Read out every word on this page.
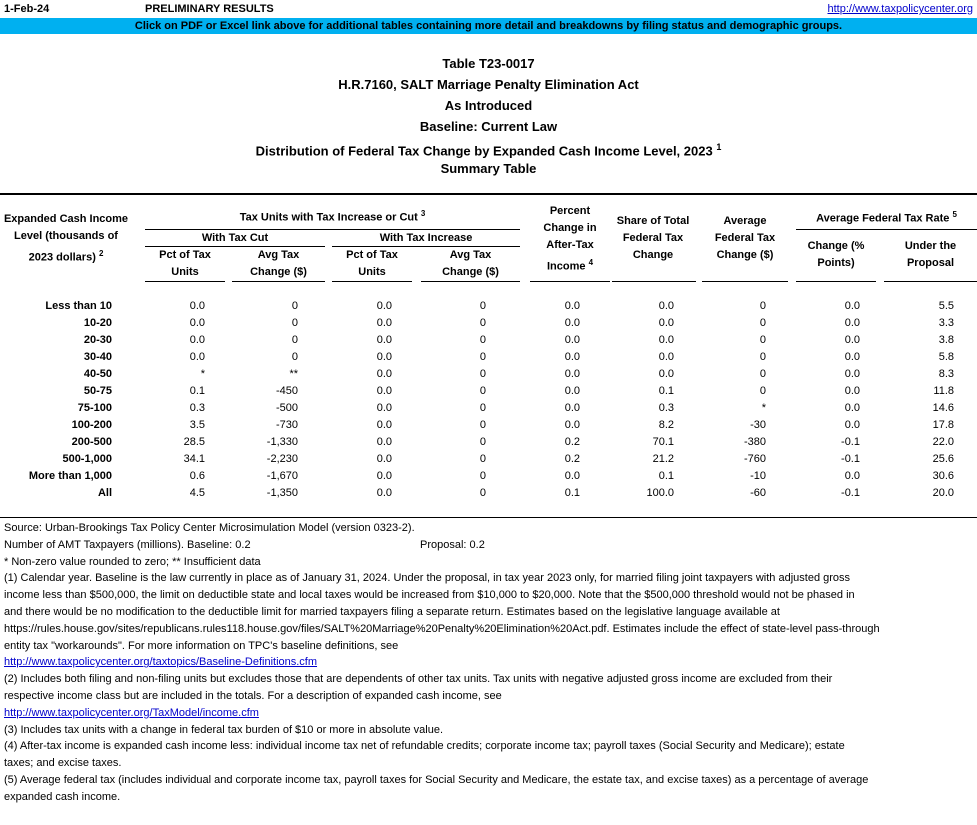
1-Feb-24	PRELIMINARY RESULTS	http://www.taxpolicycenter.org
Click on PDF or Excel link above for additional tables containing more detail and breakdowns by filing status and demographic groups.
Table T23-0017
H.R.7160, SALT Marriage Penalty Elimination Act
As Introduced
Baseline: Current Law
Distribution of Federal Tax Change by Expanded Cash Income Level, 2023 $^1$
Summary Table
Expanded Cash Income
Level (thousands of
2023 dollars) $^2$
Tax Units with Tax Increase or Cut $^3$
With Tax Cut	With Tax Increase
Pct of Tax
Units
Avg Tax
Change ($)
Pct of Tax
Units
Avg Tax
Change ($)
Percent
Change in
After-Tax
Income $^4$
Share of Total
Federal Tax
Change
Average
Federal Tax
Change ($)
Average Federal Tax Rate $^5$
Change (%
Points)
Under the
Proposal
Less than 10	0.0	0	0.0	0	0.0	0.0	0	0.0	5.5
10-20	0.0	0	0.0	0	0.0	0.0	0	0.0	3.3
20-30	0.0	0	0.0	0	0.0	0.0	0	0.0	3.8
30-40	0.0	0	0.0	0	0.0	0.0	0	0.0	5.8
40-50	*	**	0.0	0	0.0	0.0	0	0.0	8.3
50-75	0.1	-450	0.0	0	0.0	0.1	0	0.0	11.8
75-100	0.3	-500	0.0	0	0.0	0.3	*	0.0	14.6
100-200	3.5	-730	0.0	0	0.0	8.2	-30	0.0	17.8
200-500	28.5	-1,330	0.0	0	0.2	70.1	-380	-0.1	22.0
500-1,000	34.1	-2,230	0.0	0	0.2	21.2	-760	-0.1	25.6
More than 1,000	0.6	-1,670	0.0	0	0.0	0.1	-10	0.0	30.6
All	4.5	-1,350	0.0	0	0.1	100.0	-60	-0.1	20.0
Source: Urban-Brookings Tax Policy Center Microsimulation Model (version 0323-2).
Number of AMT Taxpayers (millions). Baseline: 0.2	Proposal: 0.2
* Non-zero value rounded to zero; ** Insufficient data
(1) Calendar year. Baseline is the law currently in place as of January 31, 2024. Under the proposal, in tax year 2023 only, for married filing joint taxpayers with adjusted gross
income less than $500,000, the limit on deductible state and local taxes would be increased from $10,000 to $20,000. Note that the $500,000 threshold would not be phased in
and there would be no modification to the deductible limit for married taxpayers filing a separate return. Estimates based on the legislative language available at
https://rules.house.gov/sites/republicans.rules118.house.gov/files/SALT%20Marriage%20Penalty%20Elimination%20Act.pdf. Estimates include the effect of state-level pass-through
entity tax "workarounds". For more information on TPC's baseline definitions, see
http://www.taxpolicycenter.org/taxtopics/Baseline-Definitions.cfm
(2) Includes both filing and non-filing units but excludes those that are dependents of other tax units. Tax units with negative adjusted gross income are excluded from their
respective income class but are included in the totals. For a description of expanded cash income, see
http://www.taxpolicycenter.org/TaxModel/income.cfm
(3) Includes tax units with a change in federal tax burden of $10 or more in absolute value.
(4) After-tax income is expanded cash income less: individual income tax net of refundable credits; corporate income tax; payroll taxes (Social Security and Medicare); estate
taxes; and excise taxes.
(5) Average federal tax (includes individual and corporate income tax, payroll taxes for Social Security and Medicare, the estate tax, and excise taxes) as a percentage of average
expanded cash income.
